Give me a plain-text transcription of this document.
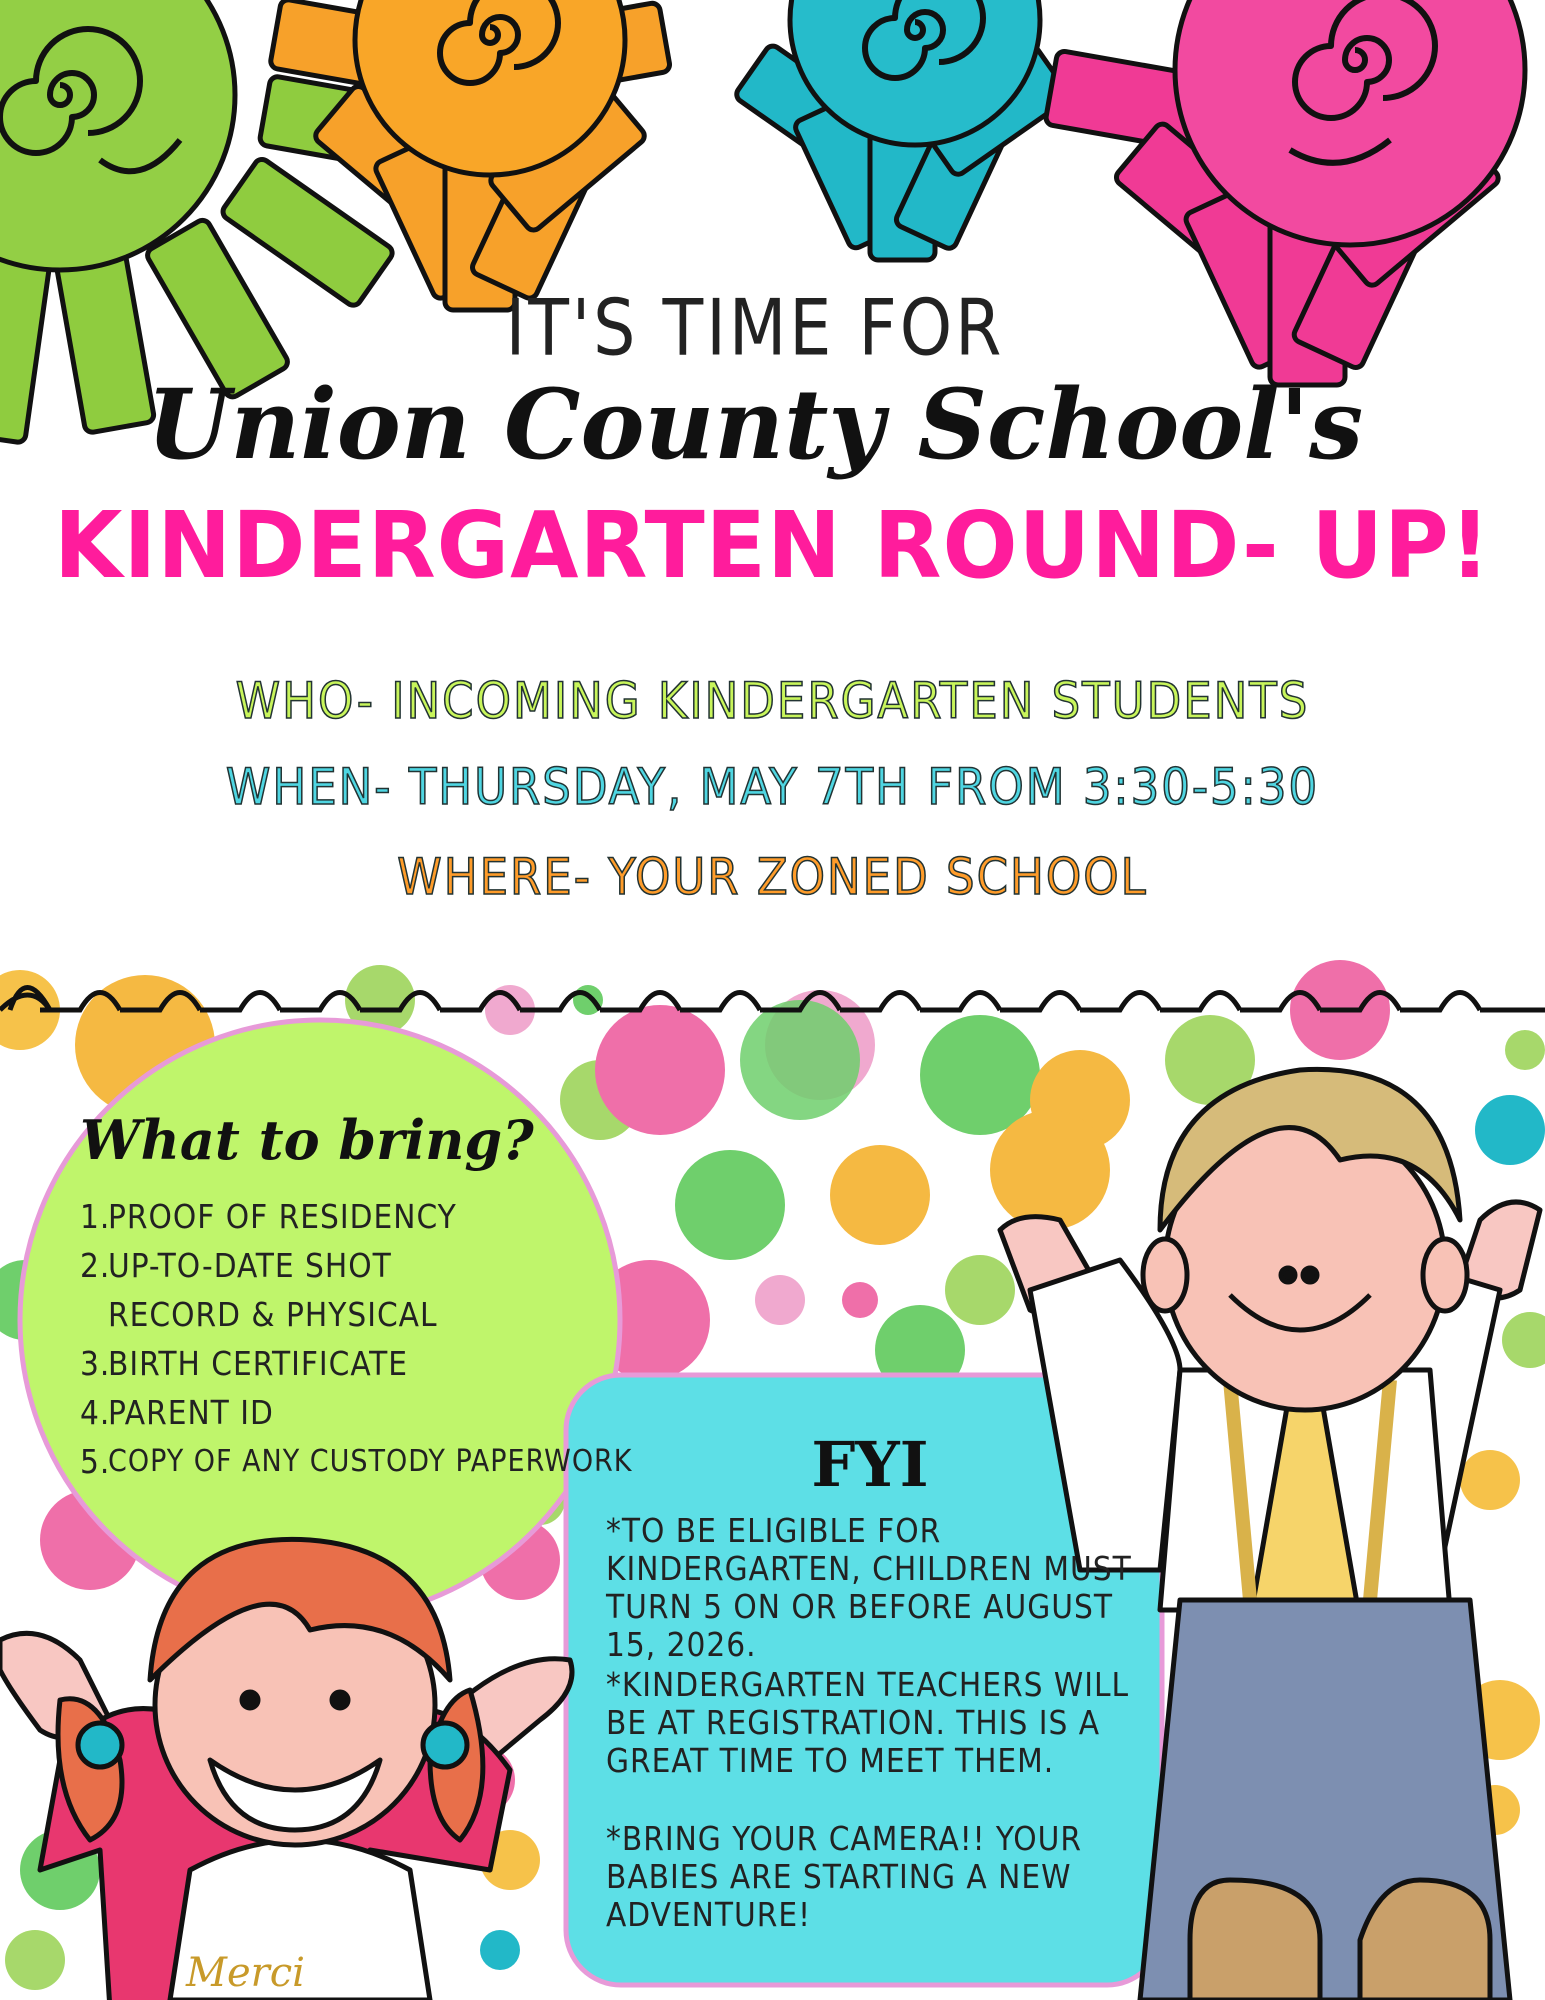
IT'S TIME FOR
Union County School's
KINDERGARTEN ROUND- UP!
WHO- INCOMING KINDERGARTEN STUDENTS
WHEN- THURSDAY, MAY 7TH FROM 3:30-5:30
WHERE- YOUR ZONED SCHOOL
What to bring?
1.
PROOF OF RESIDENCY
2.
UP-TO-DATE SHOT RECORD & PHYSICAL
3.
BIRTH CERTIFICATE
4.
PARENT ID
5.
COPY OF ANY CUSTODY PAPERWORK	FYI

*TO BE ELIGIBLE FOR KINDERGARTEN, CHILDREN MUST TURN 5 ON OR BEFORE AUGUST 15, 2026.

*KINDERGARTEN TEACHERS WILL BE AT REGISTRATION. THIS IS A GREAT TIME TO MEET THEM.

*BRING YOUR CAMERA!! YOUR BABIES ARE STARTING A NEW ADVENTURE!

Merci
